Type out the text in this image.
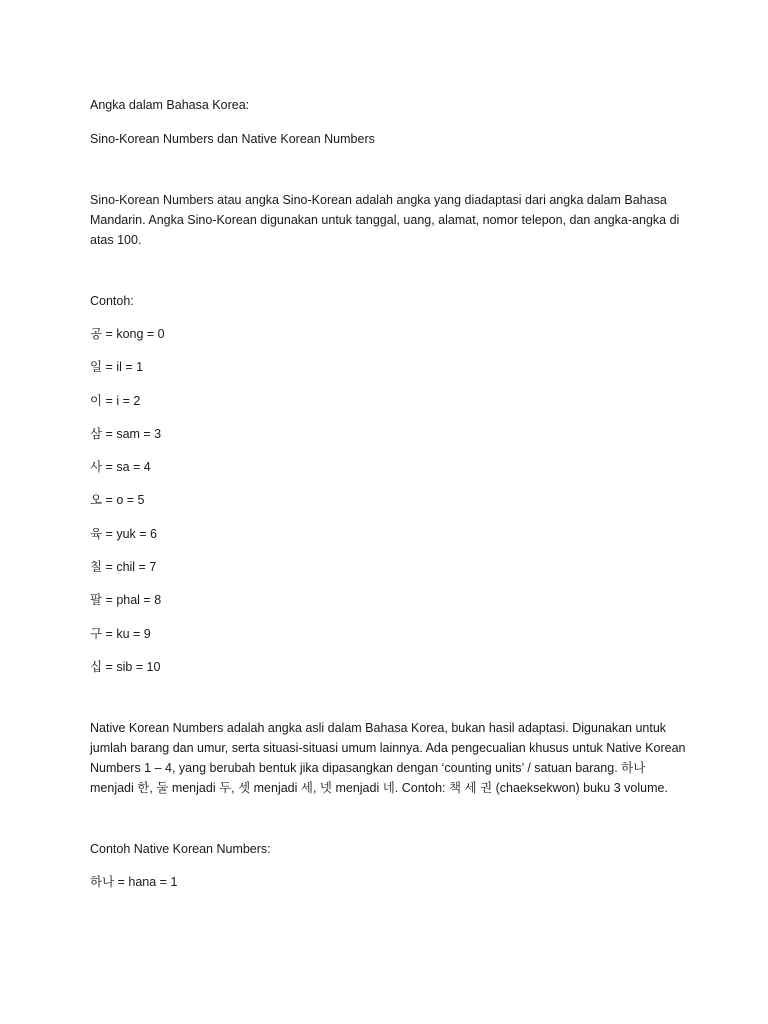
Angka dalam Bahasa Korea:

Sino-Korean Numbers dan Native Korean Numbers

Sino-Korean Numbers atau angka Sino-Korean adalah angka yang diadaptasi dari angka dalam Bahasa Mandarin. Angka Sino-Korean digunakan untuk tanggal, uang, alamat, nomor telepon, dan angka-angka di atas 100.

Contoh:

공 = kong = 0
일 = il = 1
이 = i = 2
삼 = sam = 3
사 = sa = 4
오 = o = 5
육 = yuk = 6
칠 = chil = 7
팔 = phal = 8
구 = ku = 9
십 = sib = 10

Native Korean Numbers adalah angka asli dalam Bahasa Korea, bukan hasil adaptasi. Digunakan untuk jumlah barang dan umur, serta situasi-situasi umum lainnya. Ada pengecualian khusus untuk Native Korean Numbers 1 – 4, yang berubah bentuk jika dipasangkan dengan ‘counting units’ / satuan barang. 하나 menjadi 한, 둘 menjadi 두, 셋 menjadi 세, 넷 menjadi 네. Contoh: 책 세 권 (chaeksekwon) buku 3 volume.

Contoh Native Korean Numbers:

하나 = hana = 1
